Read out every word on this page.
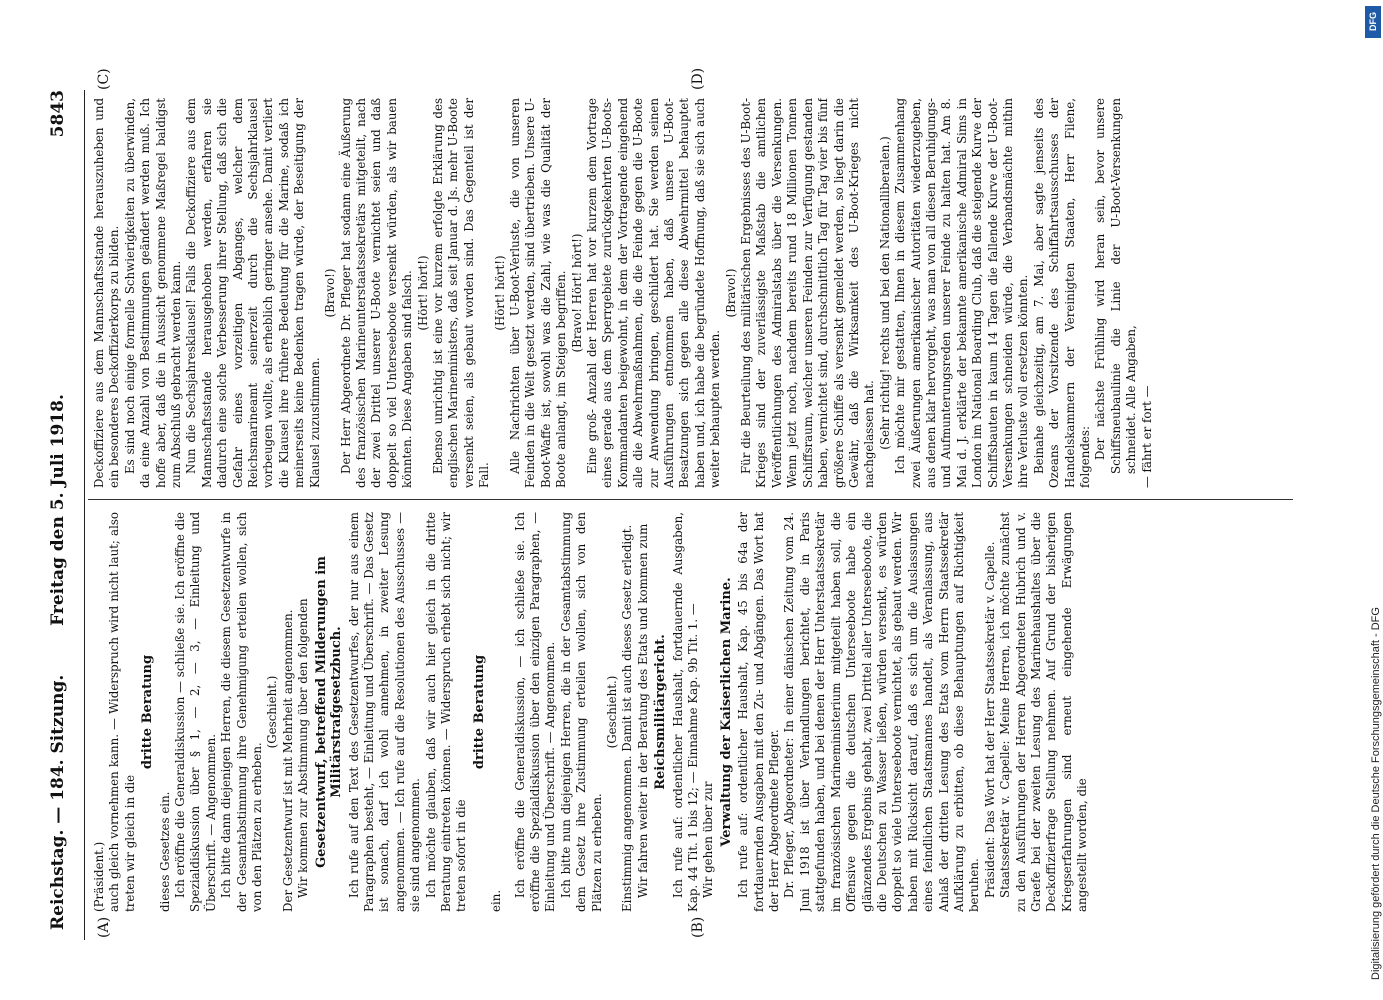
Reichstag. — 184. Sitzung.
Freitag den 5. Juli 1918.
5843
(A)	(B)
(C)	(D)

(Präsident.) auch gleich vornehmen kann. — Widerspruch wird nicht laut; also treten wir gleich in die

dritte Beratung

dieses Gesetzes ein. Ich eröffne die Generaldiskussion — schließe sie. Ich eröffne die Spezialdiskussion über § 1, — 2, — 3, — Einleitung und Überschrift. — Angenommen. Ich bitte dann diejenigen Herren, die diesem Gesetzentwurfe in der Gesamtabstimmung ihre Genehmigung erteilen wollen, sich von den Plätzen zu erheben.

(Geschieht.) Der Gesetzentwurf ist mit Mehrheit angenommen. Wir kommen zur Abstimmung über den folgenden Gesetzentwurf, betreffend Milderungen im Militärstrafgesetzbuch. Ich rufe auf den Text des Gesetzentwurfes, der nur aus einem Paragraphen besteht, — Einleitung und Überschrift. — Das Gesetz ist sonach, darf ich wohl annehmen, in zweiter Lesung angenommen. — Ich rufe auf die Resolutionen des Ausschusses — sie sind angenommen. Ich möchte glauben, daß wir auch hier gleich in die dritte Beratung eintreten können. — Widerspruch erhebt sich nicht; wir treten sofort in die

dritte Beratung

ein.

Ich eröffne die Generaldiskussion, — ich schließe sie. Ich eröffne die Spezialdiskussion über den einzigen Paragraphen, — Einleitung und Überschrift. — Angenommen. Ich bitte nun diejenigen Herren, die in der Gesamtabstimmung dem Gesetz ihre Zustimmung erteilen wollen, sich von den Plätzen zu erheben.

(Geschieht.) Einstimmig angenommen. Damit ist auch dieses Gesetz erledigt. Wir fahren weiter in der Beratung des Etats und kommen zum Reichsmilitärgericht. Ich rufe auf: ordentlicher Haushalt, fortdauernde Ausgaben, Kap. 44 Tit. 1 bis 12; — Einnahme Kap. 9b Tit. 1. — Wir gehen über zur Verwaltung der Kaiserlichen Marine. Ich rufe auf: ordentlicher Haushalt, Kap. 45 bis 64a der fortdauernden Ausgaben mit den Zu- und Abgängen. Das Wort hat der Herr Abgeordnete Pfleger. Dr. Pfleger, Abgeordneter: In einer dänischen Zeitung vom 24. Juni 1918 ist über Verhandlungen berichtet, die in Paris stattgefunden haben, und bei denen der Herr Unterstaatssekretär im französischen Marineministerium mitgeteilt haben soll, die Offensive gegen die deutschen Unterseeboote habe ein glänzendes Ergebnis gehabt, zwei Drittel aller Unterseeboote, die die Deutschen zu Wasser ließen, würden versenkt, es würden doppelt so viele Unterseeboote vernichtet, als gebaut werden. Wir haben mit Rücksicht darauf, daß es sich um die Auslassungen eines feindlichen Staatsmannes handelt, als Veranlassung, aus Anlaß der dritten Lesung des Etats vom Herrn Staatssekretär Aufklärung zu erbitten, ob diese Behauptungen auf Richtigkeit beruhen. Präsident: Das Wort hat der Herr Staatssekretär v. Capelle. Staatssekretär v. Capelle: Meine Herren, ich möchte zunächst zu den Ausführungen der Herren Abgeordneten Hubrich und v. Graefe bei der zweiten Lesung des Marinehaushaltes über die Deckoffizierfrage Stellung nehmen. Auf Grund der bisherigen Kriegserfahrungen sind erneut eingehende Erwägungen angestellt worden, die

Deckoffiziere aus dem Mannschaftsstande herauszuheben und ein besonderes Deckoffizierkorps zu bilden. Es sind noch einige formelle Schwierigkeiten zu überwinden, da eine Anzahl von Bestimmungen geändert werden muß. Ich hoffe aber, daß die in Aussicht genommene Maßregel baldigst zum Abschluß gebracht werden kann. Nun die Sechsjahresklausel! Falls die Deckoffiziere aus dem Mannschaftsstande herausgehoben werden, erfahren sie dadurch eine solche Verbesserung ihrer Stellung, daß sich die Gefahr eines vorzeitigen Abganges, welcher dem Reichsmarineamt seinerzeit durch die Sechsjahrklausel vorbeugen wollte, als erheblich geringer ansehe. Damit verliert die Klausel ihre frühere Bedeutung für die Marine, sodaß ich meinerseits keine Bedenken tragen würde, der Beseitigung der Klausel zuzustimmen.

(Bravo!) Der Herr Abgeordnete Dr. Pfleger hat sodann eine Äußerung des französischen Marineunterstaatssekretärs mitgeteilt, nach der zwei Drittel unserer U-Boote vernichtet seien und daß doppelt so viel Unterseeboote versenkt würden, als wir bauen könnten. Diese Angaben sind falsch. (Hört! hört!) Ebenso unrichtig ist eine vor kurzem erfolgte Erklärung des englischen Marineministers, daß seit Januar d. Js. mehr U-Boote versenkt seien, als gebaut worden sind. Das Gegenteil ist der Fall.

(Hört! hört!) Alle Nachrichten über U-Boot-Verluste, die von unseren Feinden in die Welt gesetzt werden, sind übertrieben. Unsere U-Boot-Waffe ist, sowohl was die Zahl, wie was die Qualität der Boote anlangt, im Steigen begriffen. (Bravo! Hört! hört!) Eine groß- Anzahl der Herren hat vor kurzem dem Vortrage eines gerade aus dem Sperrgebiete zurückgekehrten U-Boots-Kommandanten beigewohnt, in dem der Vortragende eingehend alle die Abwehrmaßnahmen, die die Feinde gegen die U-Boote zur Anwendung bringen, geschildert hat. Sie werden seinen Ausführungen entnommen haben, daß unsere U-Boot-Besatzungen sich gegen alle diese Abwehrmittel behauptet haben und, ich habe die begründete Hoffnung, daß sie sich auch weiter behaupten werden.

(Bravo!) Für die Beurteilung des militärischen Ergebnisses des U-Boot-Krieges sind der zuverlässigste Maßstab die amtlichen Veröffentlichungen des Admiralstabs über die Versenkungen. Wenn jetzt noch, nachdem bereits rund 18 Millionen Tonnen Schiffsraum, welcher unseren Feinden zur Verfügung gestanden haben, vernichtet sind, durchschnittlich Tag für Tag vier bis fünf größere Schiffe als versenkt gemeldet werden, so liegt darin die Gewähr, daß die Wirksamkeit des U-Boot-Krieges nicht nachgelassen hat. (Sehr richtig! rechts und bei den Nationalliberalen.) Ich möchte mir gestatten, Ihnen in diesem Zusammenhang zwei Äußerungen amerikanischer Autoritäten wiederzugeben, aus denen klar hervorgeht, was man von all diesen Beruhigungs- und Aufmunterungsreden unserer Feinde zu halten hat. Am 8. Mai d. J. erklärte der bekannte amerikanische Admiral Sims in London im National Boarding Club, daß die steigende Kurve der Schiffsbauten in kaum 14 Tagen die fallende Kurve der U-Boot-Versenkungen schneiden würde, die Verbandsmächte mithin ihre Verluste voll ersetzen könnten. Beinahe gleichzeitig, am 7. Mai, aber sagte jenseits des Ozeans der Vorsitzende des Schiffahrtsausschusses der Handelskammern der Vereinigten Staaten, Herr Filene, folgendes: Der nächste Frühling wird heran sein, bevor unsere Schiffsneubaulinie die Linie der U-Boot-Versenkungen schneidet. Alle Angaben, — fährt er fort —

DFG
Digitalisierung gefördert durch die Deutsche Forschungsgemeinschaft - DFG
